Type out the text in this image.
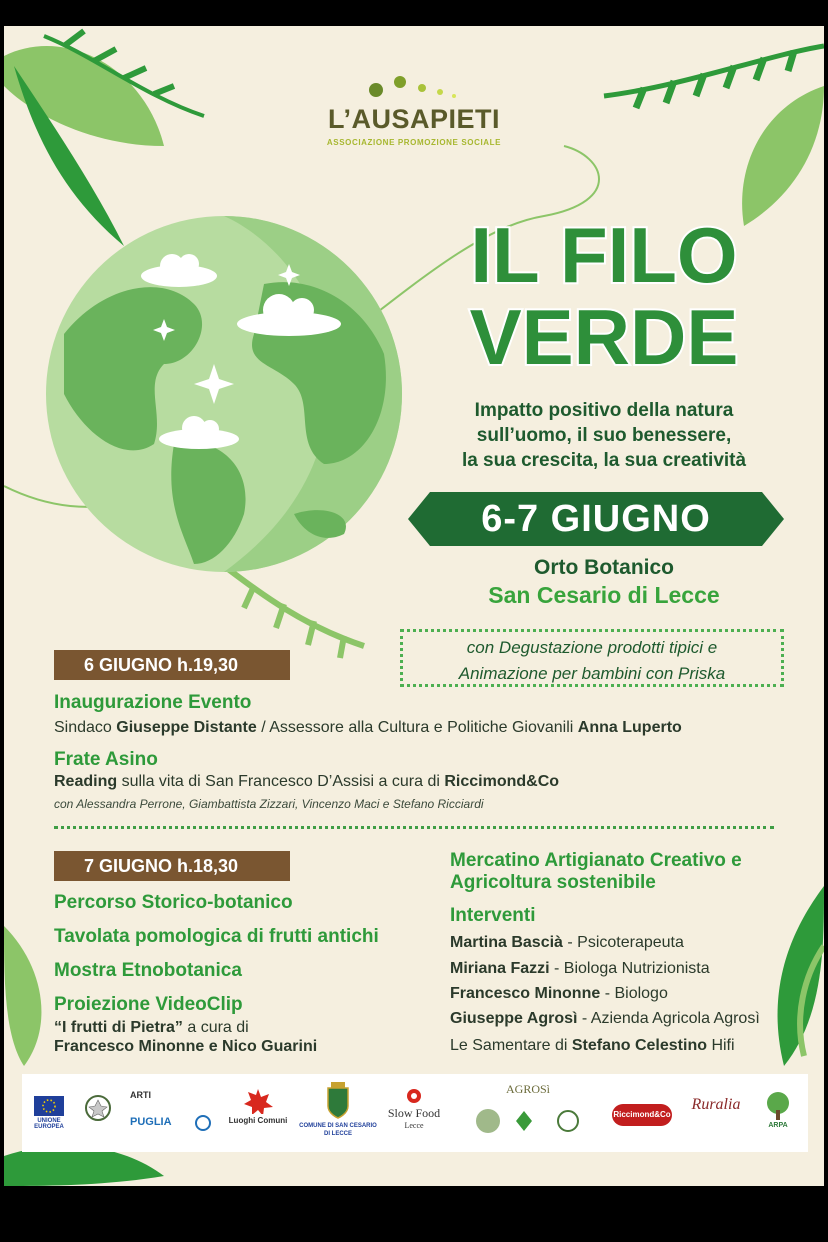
L’AUSAPIETI
ASSOCIAZIONE PROMOZIONE SOCIALE
IL FILO
VERDE
Impatto positivo della natura
sull’uomo, il suo benessere,
la sua crescita, la sua creatività
6-7 GIUGNO
Orto Botanico
San Cesario di Lecce
con Degustazione prodotti tipici e
Animazione per bambini con Priska
6 GIUGNO h.19,30
Inaugurazione Evento
Sindaco Giuseppe Distante / Assessore alla Cultura e Politiche Giovanili Anna Luperto
Frate Asino
Reading sulla vita di San Francesco D’Assisi a cura di Riccimond&Co
con Alessandra Perrone, Giambattista Zizzari, Vincenzo Maci e Stefano Ricciardi
7 GIUGNO h.18,30
Percorso Storico-botanico
Tavolata pomologica di frutti antichi
Mostra Etnobotanica
Proiezione VideoClip
“I frutti di Pietra” a cura di
Francesco Minonne e Nico Guarini
Mercatino Artigianato Creativo e
Agricoltura sostenibile
Interventi
Martina Bascià - Psicoterapeuta
Miriana Fazzi - Biologa Nutrizionista
Francesco Minonne - Biologo
Giuseppe Agrosì - Azienda Agricola Agrosì
Le Samentare di Stefano Celestino Hifi
UNIONE EUROPEA
ARTI
PUGLIA	Luoghi Comuni
COMUNE DI SAN CESARIO DI LECCE
Slow Food
Lecce
AGROSì
Riccimond&Co
Ruralia
ARPA
